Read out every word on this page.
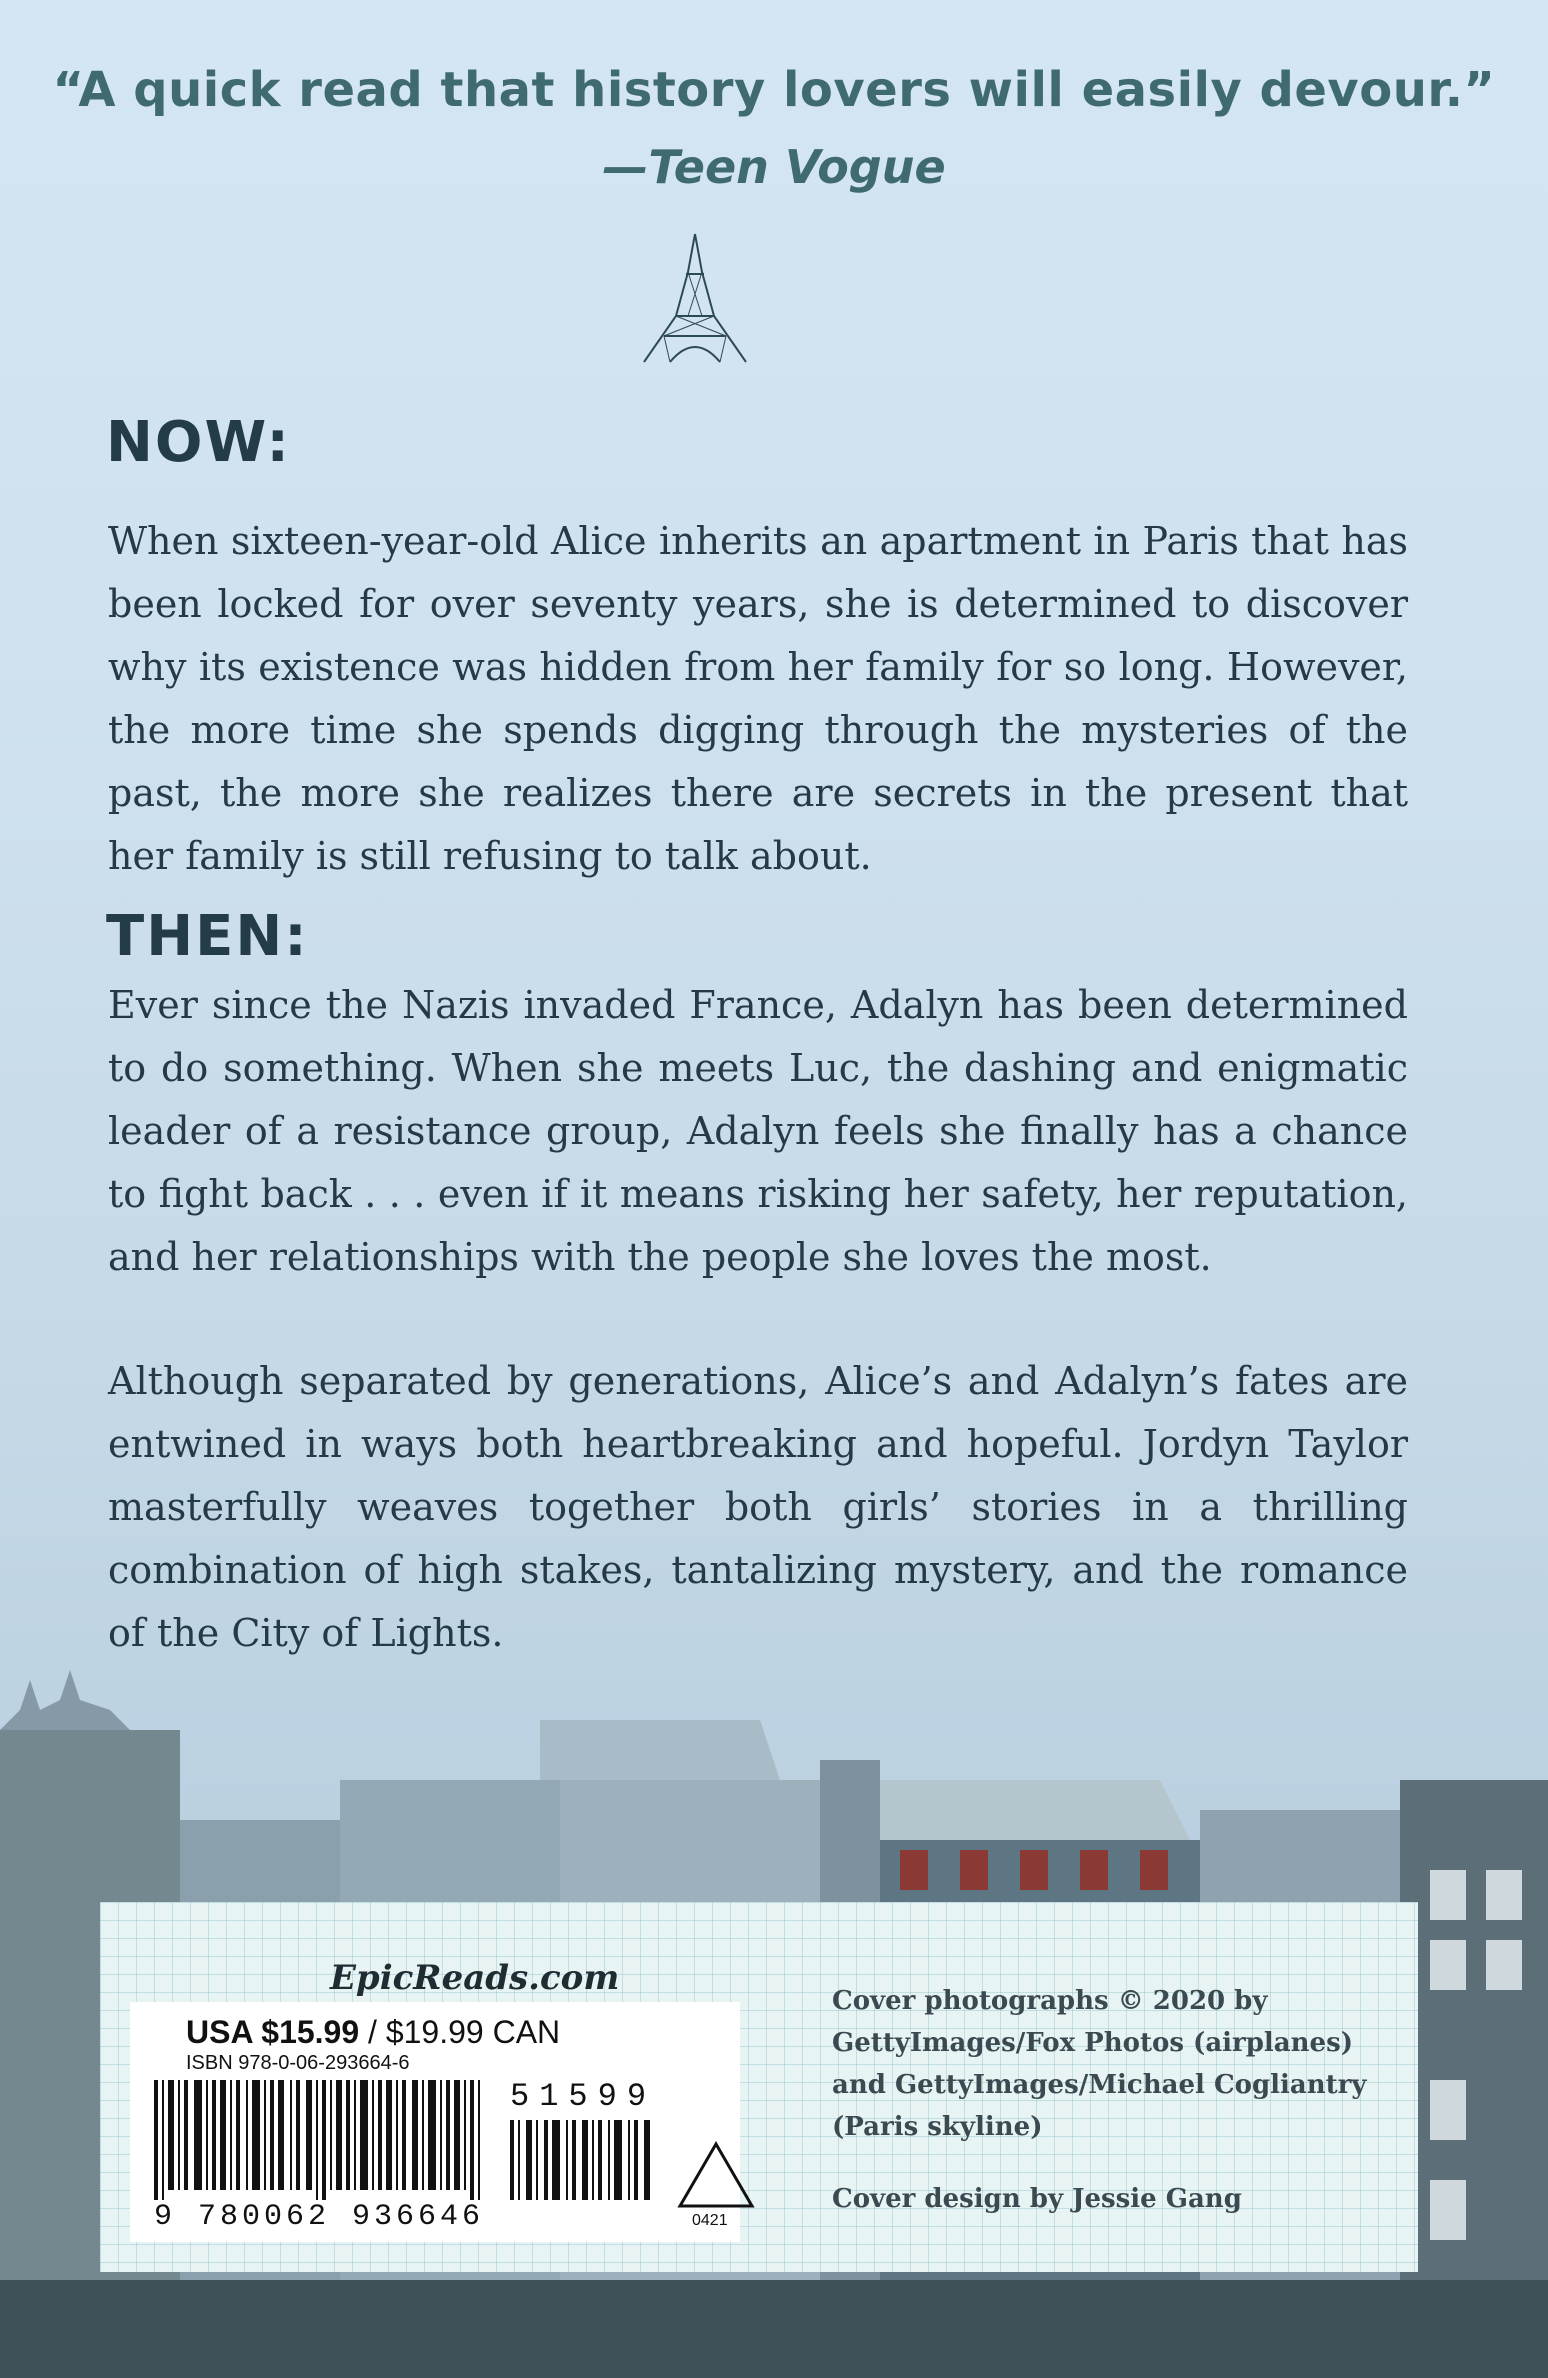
“A quick read that history lovers will easily devour.”
—Teen Vogue
NOW:

When sixteen-year-old Alice inherits an apartment in Paris that has been locked for over seventy years, she is determined to discover why its existence was hidden from her family for so long. However, the more time she spends digging through the mysteries of the past, the more she realizes there are secrets in the present that her family is still refusing to talk about.

THEN:

Ever since the Nazis invaded France, Adalyn has been determined to do something. When she meets Luc, the dashing and enigmatic leader of a resistance group, Adalyn feels she finally has a chance to fight back . . . even if it means risking her safety, her reputation, and her relationships with the people she loves the most.

Although separated by generations, Alice’s and Adalyn’s fates are entwined in ways both heartbreaking and hopeful. Jordyn Taylor masterfully weaves together both girls’ stories in a thrilling combination of high stakes, tantalizing mystery, and the romance of the City of Lights.

EpicReads.com
USA $15.99 / $19.99 CAN
ISBN 978-0-06-293664-6
51599
9 780062 936646	0421
Cover photographs © 2020 by GettyImages/Fox Photos (airplanes) and GettyImages/Michael Cogliantry (Paris skyline)
Cover design by Jessie Gang
